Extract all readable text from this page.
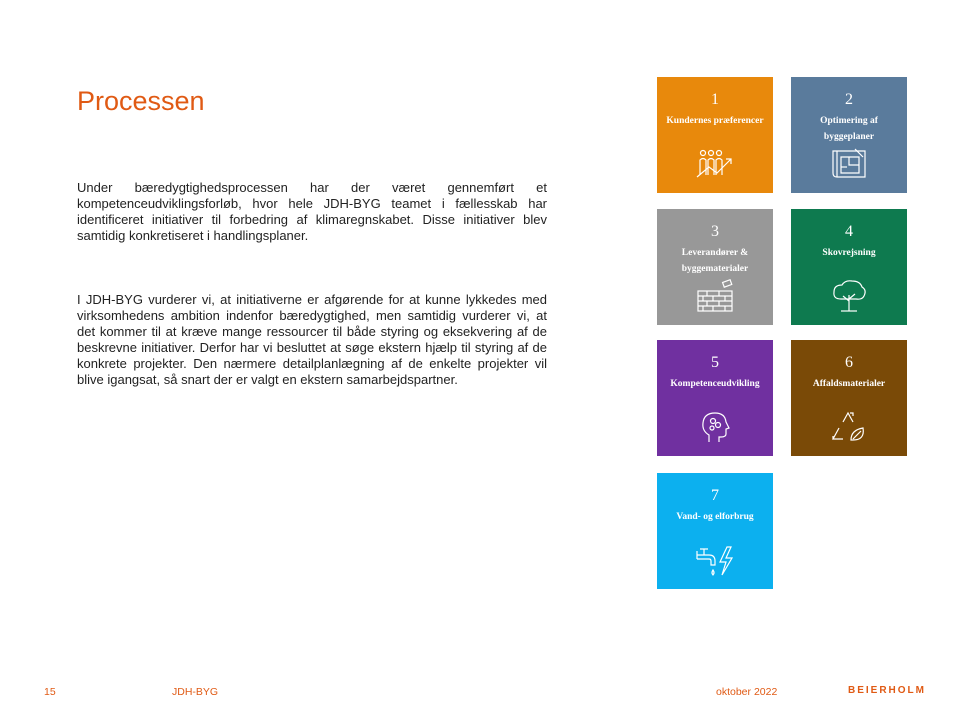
Processen

Under bæredygtighedsprocessen har der været gennemført et kompetenceudviklingsforløb, hvor hele JDH-BYG teamet i fællesskab har identificeret initiativer til forbedring af klimaregnskabet. Disse initiativer blev samtidig konkretiseret i handlingsplaner.

I JDH-BYG vurderer vi, at initiativerne er afgørende for at kunne lykkedes med virksomhedens ambition indenfor bæredygtighed, men samtidig vurderer vi, at det kommer til at kræve mange ressourcer til både styring og eksekvering af de beskrevne initiativer. Derfor har vi besluttet at søge ekstern hjælp til styring af de konkrete projekter. Den nærmere detailplanlægning af de enkelte projekter vil blive igangsat, så snart der er valgt en ekstern samarbejdspartner.

1
Kundernes præferencer
2
Optimering af byggeplaner
3
Leverandører & byggematerialer
4
Skovrejsning
5
Kompetenceudvikling
6
Affaldsmaterialer
7
Vand- og elforbrug
15	JDH-BYG	oktober 2022	BEIERHOLM
